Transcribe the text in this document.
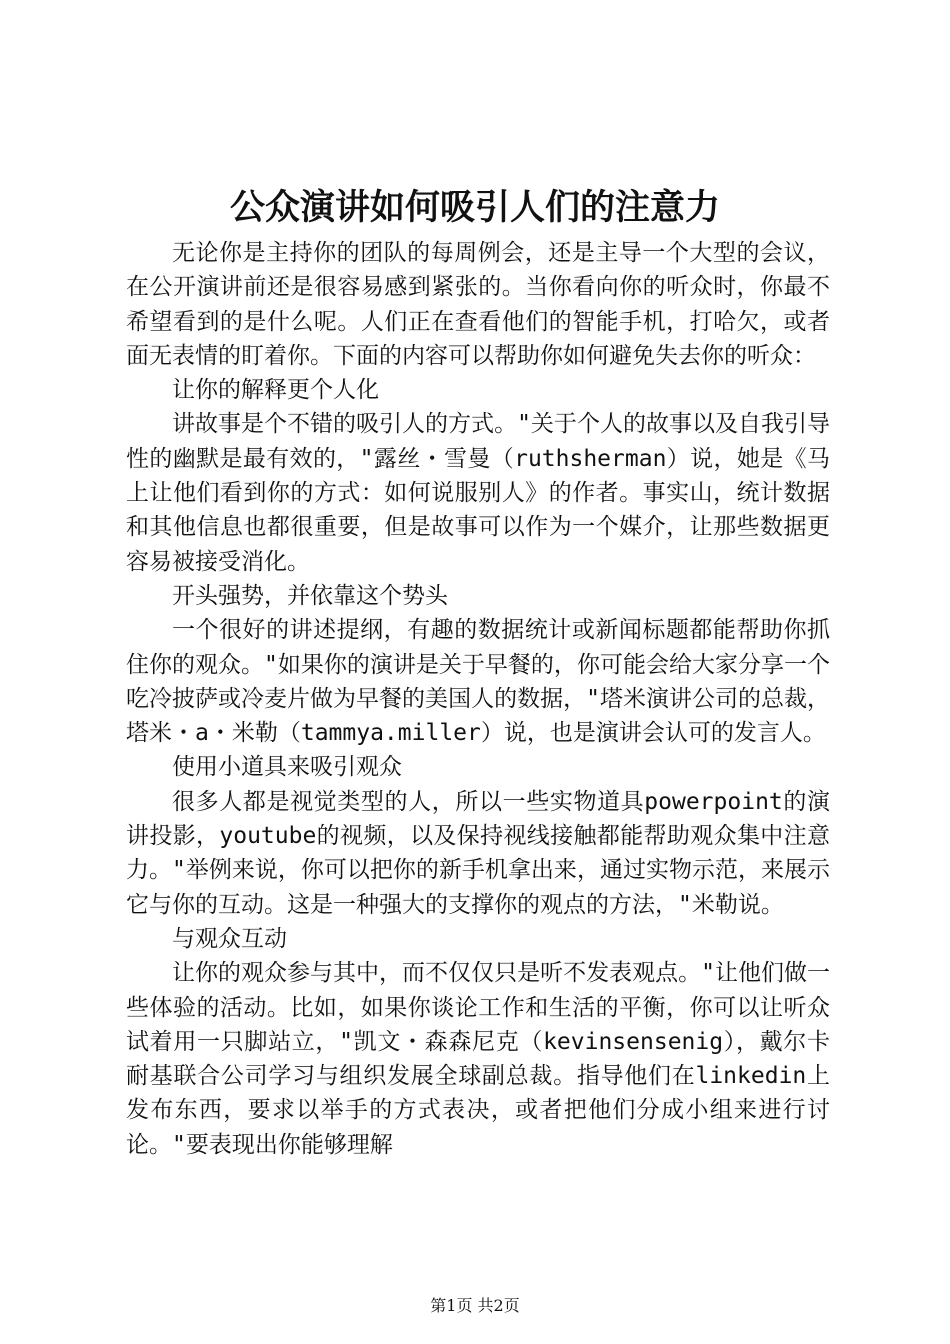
公众演讲如何吸引人们的注意力

无论你是主持你的团队的每周例会，还是主导一个大型的会议，在公开演讲前还是很容易感到紧张的。当你看向你的听众时，你最不希望看到的是什么呢。人们正在查看他们的智能手机，打哈欠，或者面无表情的盯着你。下面的内容可以帮助你如何避免失去你的听众：

让你的解释更个人化

讲故事是个不错的吸引人的方式。"关于个人的故事以及自我引导性的幽默是最有效的，"露丝・雪曼（ruthsherman）说，她是《马上让他们看到你的方式：如何说服别人》的作者。事实山，统计数据和其他信息也都很重要，但是故事可以作为一个媒介，让那些数据更容易被接受消化。

开头强势，并依靠这个势头

一个很好的讲述提纲，有趣的数据统计或新闻标题都能帮助你抓住你的观众。"如果你的演讲是关于早餐的，你可能会给大家分享一个吃冷披萨或冷麦片做为早餐的美国人的数据，"塔米演讲公司的总裁，塔米・a・米勒（tammya.miller）说，也是演讲会认可的发言人。

使用小道具来吸引观众

很多人都是视觉类型的人，所以一些实物道具powerpoint的演讲投影，youtube的视频，以及保持视线接触都能帮助观众集中注意力。"举例来说，你可以把你的新手机拿出来，通过实物示范，来展示它与你的互动。这是一种强大的支撑你的观点的方法，"米勒说。

与观众互动

让你的观众参与其中，而不仅仅只是听不发表观点。"让他们做一些体验的活动。比如，如果你谈论工作和生活的平衡，你可以让听众试着用一只脚站立，"凯文・森森尼克（kevinsensenig），戴尔卡耐基联合公司学习与组织发展全球副总裁。指导他们在linkedin上发布东西，要求以举手的方式表决，或者把他们分成小组来进行讨论。"要表现出你能够理解

第1页 共2页
